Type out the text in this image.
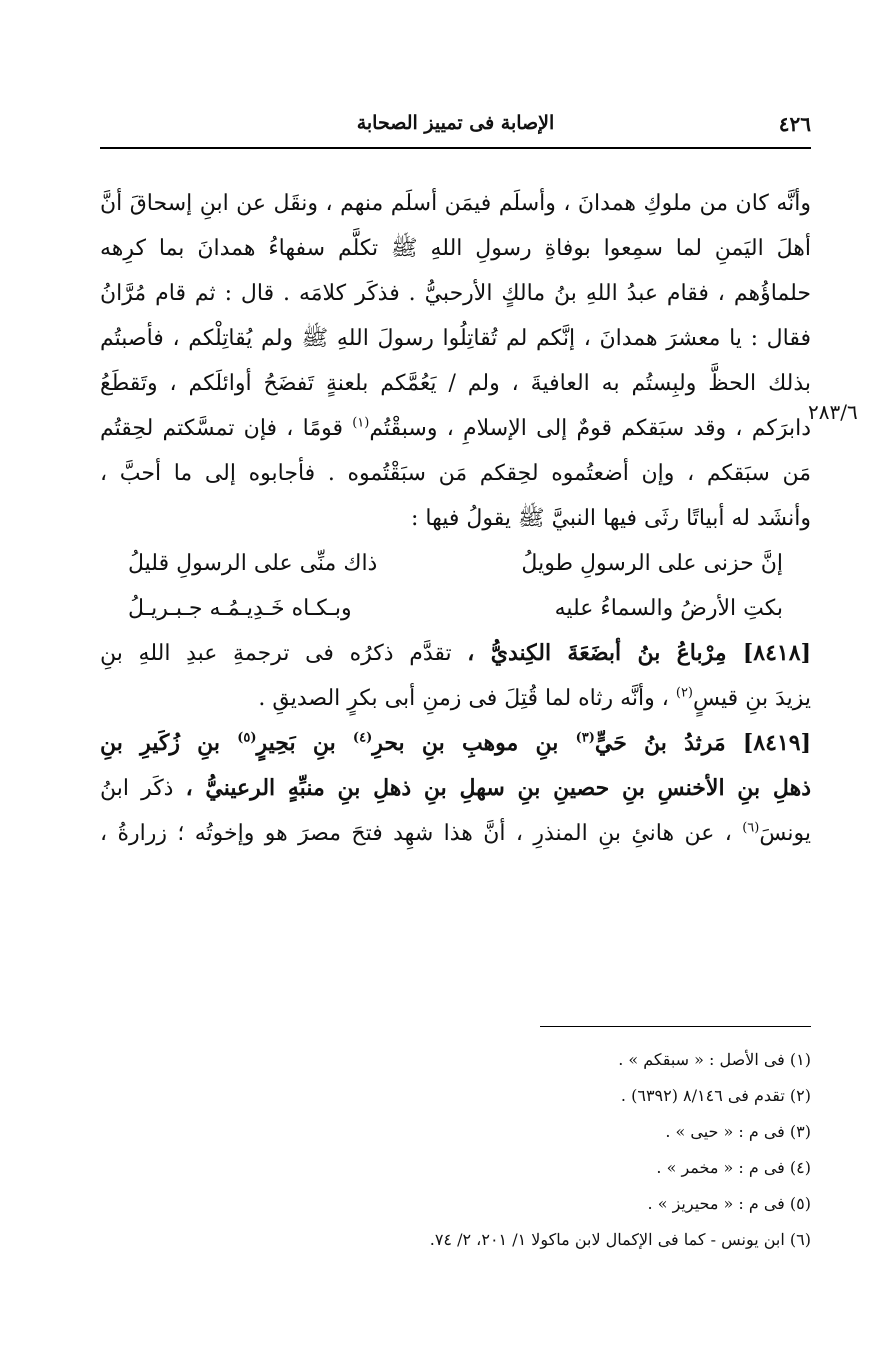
٤٢٦
الإصابة فى تمييز الصحابة
٢٨٣/٦
وأنَّه كان من ملوكِ همدانَ ، وأسلَم فيمَن أسلَم منهم ، ونقَل عن ابنِ إسحاقَ أنَّ
أهلَ اليَمنِ لما سمِعوا بوفاةِ رسولِ اللهِ ﷺ تكلَّم سفهاءُ همدانَ بما كرِهه
حلماؤُهم ، فقام عبدُ اللهِ بنُ مالكٍ الأرحبيُّ . فذكَر كلامَه . قال : ثم قام مُرَّانُ
فقال : يا معشرَ همدانَ ، إنَّكم لم تُقاتِلُوا رسولَ اللهِ ﷺ ولم يُقاتِلْكم ، فأصبتُم
بذلك الحظَّ ولبِستُم به العافيةَ ، ولم / يَعُمَّكم بلعنةٍ تَفضَحُ أوائلَكم ، وتَقطَعُ
دابرَكم ، وقد سبَقكم قومٌ إلى الإسلامِ ، وسبقْتُم$^{(١)}$ قومًا ، فإن تمسَّكتم لحِقتُم
مَن سبَقكم ، وإن أضعتُموه لحِقكم مَن سبَقْتُموه . فأجابوه إلى ما أحبَّ ،
وأنشَد له أبياتًا رثَى فيها النبيَّ ﷺ يقولُ فيها :
إنَّ حزنى على الرسولِ طويلُ
ذاك منِّى على الرسولِ قليلُ
بكتِ الأرضُ والسماءُ عليه
وبـكـاه خَـدِيـمُـه جـبـريـلُ
[٨٤١٨] مِرْباعُ بنُ أبضَعَةَ الكِنديُّ ، تقدَّم ذكرُه فى ترجمةِ عبدِ اللهِ بنِ
يزيدَ بنِ قيسٍ$^{(٢)}$ ، وأنَّه رثاه لما قُتِلَ فى زمنِ أبى بكرٍ الصديقِ .
[٨٤١٩] مَرثدُ بنُ حَيٍّ$^{(٣)}$ بنِ موهبِ بنِ بحرِ$^{(٤)}$ بنِ بَحِيرٍ$^{(٥)}$ بنِ زُكَيرِ بنِ
ذهلِ بنِ الأخنسِ بنِ حصينِ بنِ سهلِ بنِ ذهلِ بنِ منبِّهٍ الرعينيُّ ، ذكَر ابنُ
يونسَ$^{(٦)}$ ، عن هانئِ بنِ المنذرِ ، أنَّ هذا شهِد فتحَ مصرَ هو وإخوتُه ؛ زرارةُ ،
(١) فى الأصل : « سبقكم » .
(٢) تقدم فى ٨/١٤٦ (٦٣٩٢) .
(٣) فى م : « حيى » .
(٤) فى م : « مخمر » .
(٥) فى م : « محيريز » .
(٦) ابن يونس - كما فى الإكمال لابن ماكولا ١/ ٢٠١، ٢/ ٧٤.
